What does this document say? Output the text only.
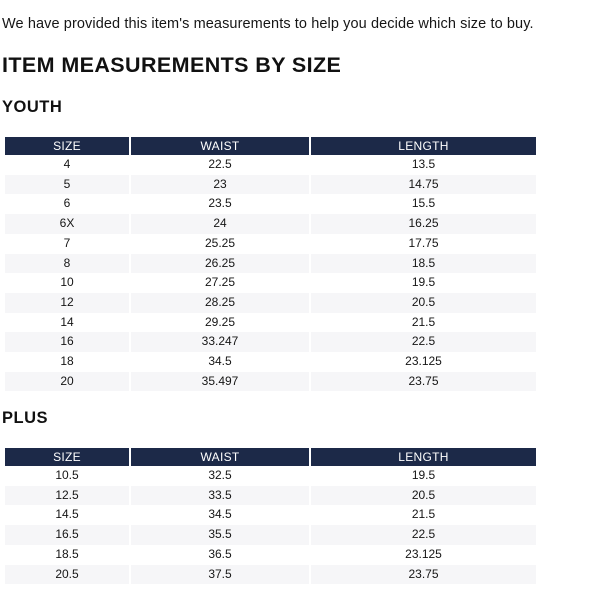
We have provided this item's measurements to help you decide which size to buy.
ITEM MEASUREMENTS BY SIZE
YOUTH
SIZE	WAIST	LENGTH
4	22.5	13.5
5	23	14.75
6	23.5	15.5
6X	24	16.25
7	25.25	17.75
8	26.25	18.5
10	27.25	19.5
12	28.25	20.5
14	29.25	21.5
16	33.247	22.5
18	34.5	23.125
20	35.497	23.75
PLUS
SIZE	WAIST	LENGTH
10.5	32.5	19.5
12.5	33.5	20.5
14.5	34.5	21.5
16.5	35.5	22.5
18.5	36.5	23.125
20.5	37.5	23.75
